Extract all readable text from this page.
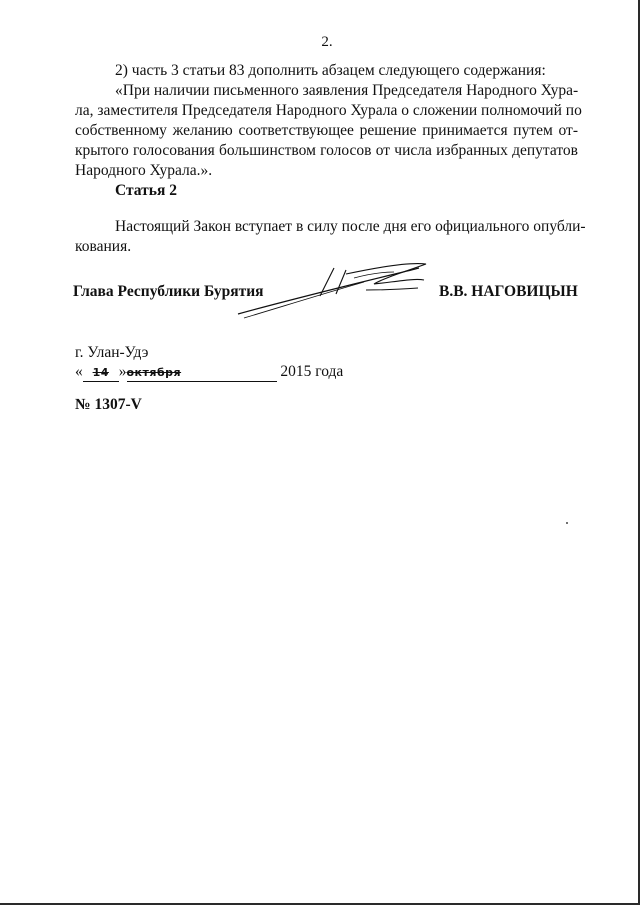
2.
2) часть 3 статьи 83 дополнить абзацем следующего содержания:
«При наличии письменного заявления Председателя Народного Хура-
ла, заместителя Председателя Народного Хурала о сложении полномочий по
собственному желанию соответствующее решение принимается путем от-
крытого голосования большинством голосов от числа избранных депутатов
Народного Хурала.».
Статья 2
Настоящий Закон вступает в силу после дня его официального опубли-
кования.
Глава Республики Бурятия	В.В. НАГОВИЦЫН
г. Улан-Удэ
« 14 »октября	2015 года
№ 1307-V
